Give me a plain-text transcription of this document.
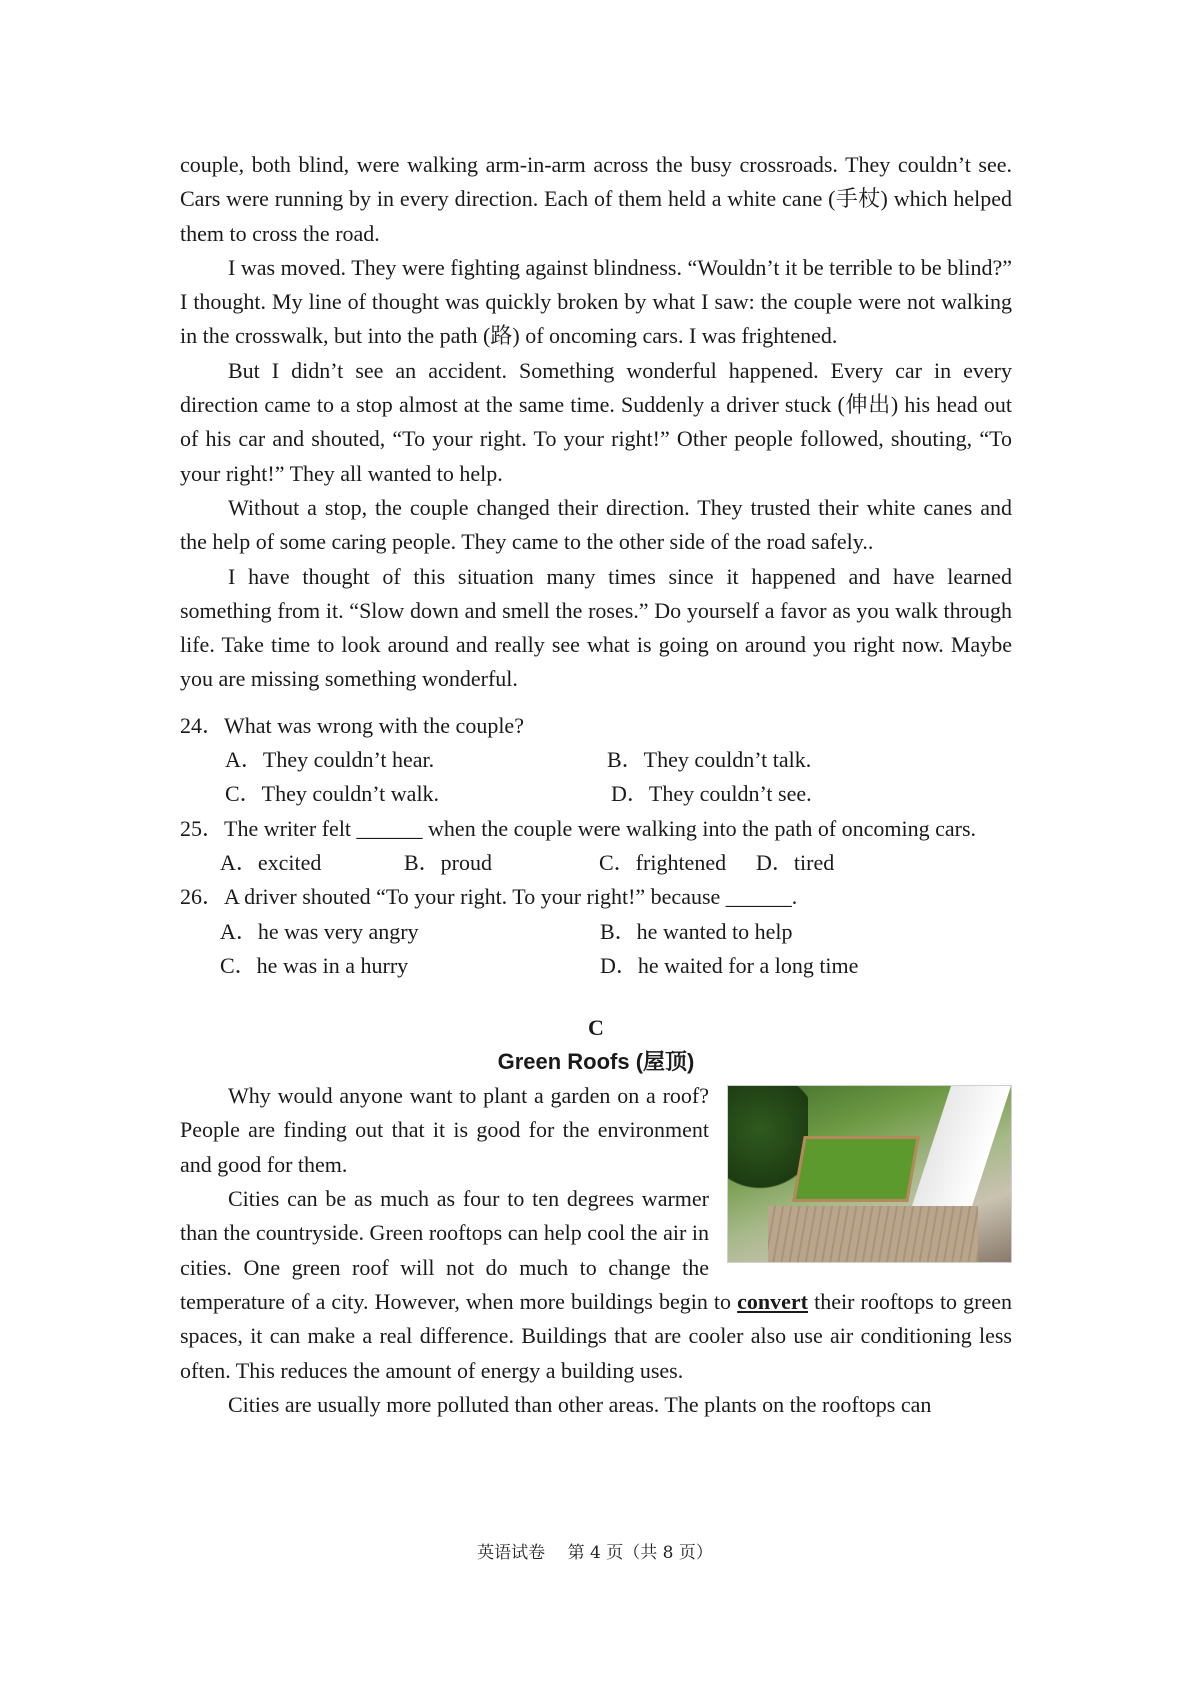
couple, both blind, were walking arm-in-arm across the busy crossroads. They couldn’t see. Cars were running by in every direction. Each of them held a white cane (手杖) which helped them to cross the road.

I was moved. They were fighting against blindness. “Wouldn’t it be terrible to be blind?” I thought. My line of thought was quickly broken by what I saw: the couple were not walking in the crosswalk, but into the path (路) of oncoming cars. I was frightened.

But I didn’t see an accident. Something wonderful happened. Every car in every direction came to a stop almost at the same time. Suddenly a driver stuck (伸出) his head out of his car and shouted, “To your right. To your right!” Other people followed, shouting, “To your right!” They all wanted to help.

Without a stop, the couple changed their direction. They trusted their white canes and the help of some caring people. They came to the other side of the road safely..

I have thought of this situation many times since it happened and have learned something from it. “Slow down and smell the roses.” Do yourself a favor as you walk through life. Take time to look around and really see what is going on around you right now. Maybe you are missing something wonderful.

24．What was wrong with the couple?

A．They couldn’t hear.	B．They couldn’t talk.
C．They couldn’t walk.	D．They couldn’t see.

25．The writer felt ______ when the couple were walking into the path of oncoming cars.

A．excited	B．proud	C．frightened D．tired

26．A driver shouted “To your right. To your right!” because ______.

A．he was very angry	B．he wanted to help
C．he was in a hurry	D．he waited for a long time
C
Green Roofs (屋顶)

Why would anyone want to plant a garden on a roof? People are finding out that it is good for the environment and good for them.

Cities can be as much as four to ten degrees warmer than the countryside. Green rooftops can help cool the air in cities. One green roof will not do much to change the temperature of a city. However, when more buildings begin to convert their rooftops to green spaces, it can make a real difference. Buildings that are cooler also use air conditioning less often. This reduces the amount of energy a building uses.

Cities are usually more polluted than other areas. The plants on the rooftops can

英语试卷　 第 4 页（共 8 页）
